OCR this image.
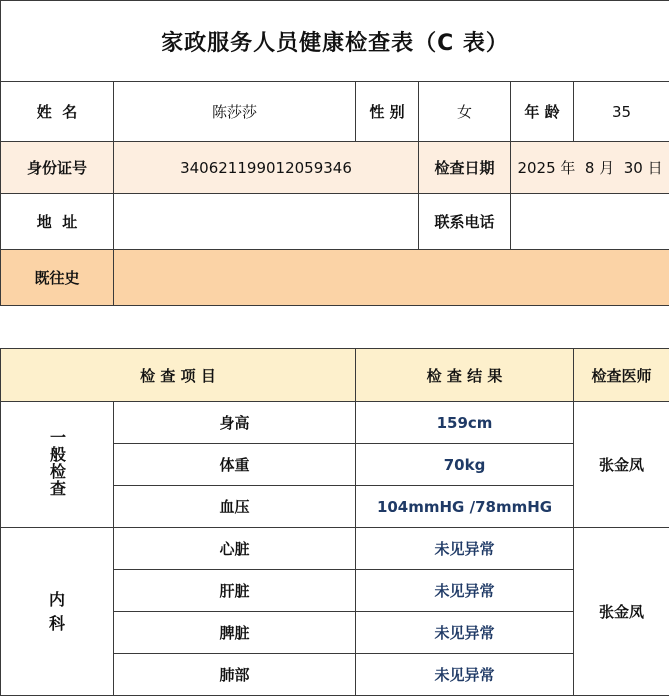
家政服务人员健康检查表（C 表）					
姓  名	陈莎莎	性 别	女	年 龄	35
身份证号	340621199012059346		检查日期	2025 年  8 月  30 日	
地  址			联系电话		
既往史					
检 查 项 目		检 查 结 果	检查医师
一般检查	身高	159cm	张金凤
	体重	70kg	
	血压	104mmHG /78mmHG	

内
科	心脏	未见异常	张金凤
	肝脏	未见异常	
	脾脏	未见异常	
	肺部	未见异常	
